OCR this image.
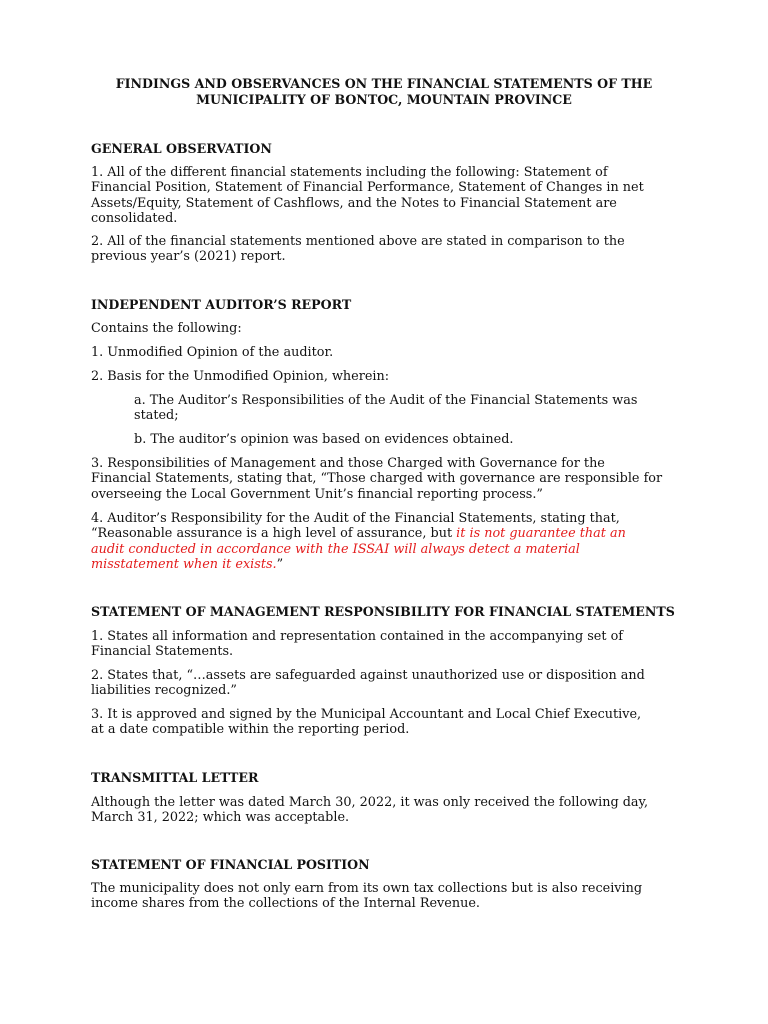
FINDINGS AND OBSERVANCES ON THE FINANCIAL STATEMENTS OF THE
MUNICIPALITY OF BONTOC, MOUNTAIN PROVINCE
GENERAL OBSERVATION
1. All of the different financial statements including the following: Statement of
Financial Position, Statement of Financial Performance, Statement of Changes in net
Assets/Equity, Statement of Cashflows, and the Notes to Financial Statement are
consolidated.
2. All of the financial statements mentioned above are stated in comparison to the
previous year’s (2021) report.
INDEPENDENT AUDITOR’S REPORT
Contains the following:
1. Unmodified Opinion of the auditor.
2. Basis for the Unmodified Opinion, wherein:
a. The Auditor’s Responsibilities of the Audit of the Financial Statements was
stated;
b. The auditor’s opinion was based on evidences obtained.
3. Responsibilities of Management and those Charged with Governance for the
Financial Statements, stating that, “Those charged with governance are responsible for
overseeing the Local Government Unit’s financial reporting process.”
4. Auditor’s Responsibility for the Audit of the Financial Statements, stating that,
“Reasonable assurance is a high level of assurance, but it is not guarantee that an
audit conducted in accordance with the ISSAI will always detect a material
misstatement when it exists.”
STATEMENT OF MANAGEMENT RESPONSIBILITY FOR FINANCIAL STATEMENTS
1. States all information and representation contained in the accompanying set of
Financial Statements.
2. States that, “…assets are safeguarded against unauthorized use or disposition and
liabilities recognized.”
3. It is approved and signed by the Municipal Accountant and Local Chief Executive,
at a date compatible within the reporting period.
TRANSMITTAL LETTER
Although the letter was dated March 30, 2022, it was only received the following day,
March 31, 2022; which was acceptable.
STATEMENT OF FINANCIAL POSITION
The municipality does not only earn from its own tax collections but is also receiving
income shares from the collections of the Internal Revenue.
